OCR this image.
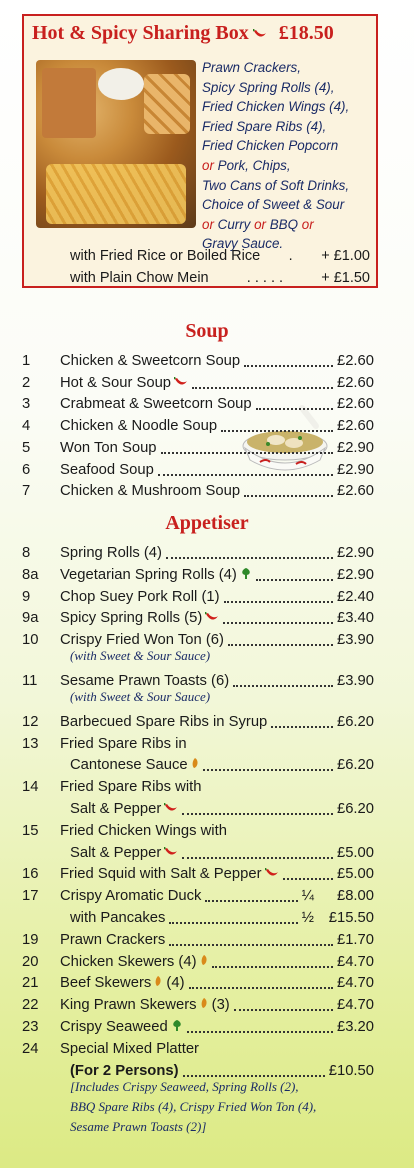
Hot & Spicy Sharing Box £18.50
Prawn Crackers,
Spicy Spring Rolls (4),
Fried Chicken Wings (4),
Fried Spare Ribs (4),
Fried Chicken Popcorn
or Pork, Chips,
Two Cans of Soft Drinks,
Choice of Sweet & Sour
or Curry or BBQ or
Gravy Sauce.
with Fried Rice or Boiled Rice . + £1.00
with Plain Chow Mein	. . . . .	+ £1.50
Soup
1	Chicken & Sweetcorn Soup	£2.60
2	Hot & Sour Soup	£2.60
3	Crabmeat & Sweetcorn Soup	£2.60
4	Chicken & Noodle Soup	£2.60
5	Won Ton Soup	£2.90
6	Seafood Soup	£2.90
7	Chicken & Mushroom Soup	£2.60
Appetiser
8	Spring Rolls (4)	£2.90
8a	Vegetarian Spring Rolls (4)	£2.90
9	Chop Suey Pork Roll (1)	£2.40
9a	Spicy Spring Rolls (5)	£3.40
10	Crispy Fried Won Ton (6)	£3.90
(with Sweet & Sour Sauce)
11	Sesame Prawn Toasts (6)	£3.90
(with Sweet & Sour Sauce)
12	Barbecued Spare Ribs in Syrup	£6.20
13	Fried Spare Ribs in
Cantonese Sauce	£6.20
14	Fried Spare Ribs with
Salt & Pepper	£6.20
15	Fried Chicken Wings with
Salt & Pepper	£5.00
16	Fried Squid with Salt & Pepper	£5.00
17	Crispy Aromatic Duck	¼ £8.00
with Pancakes	½ £15.50
19	Prawn Crackers	£1.70
20	Chicken Skewers (4)	£4.70
21	Beef Skewers (4)	£4.70
22	King Prawn Skewers (3)	£4.70
23	Crispy Seaweed	£3.20
24	Special Mixed Platter
(For 2 Persons)	£10.50
[Includes Crispy Seaweed, Spring Rolls (2),
BBQ Spare Ribs (4), Crispy Fried Won Ton (4),
Sesame Prawn Toasts (2)]
